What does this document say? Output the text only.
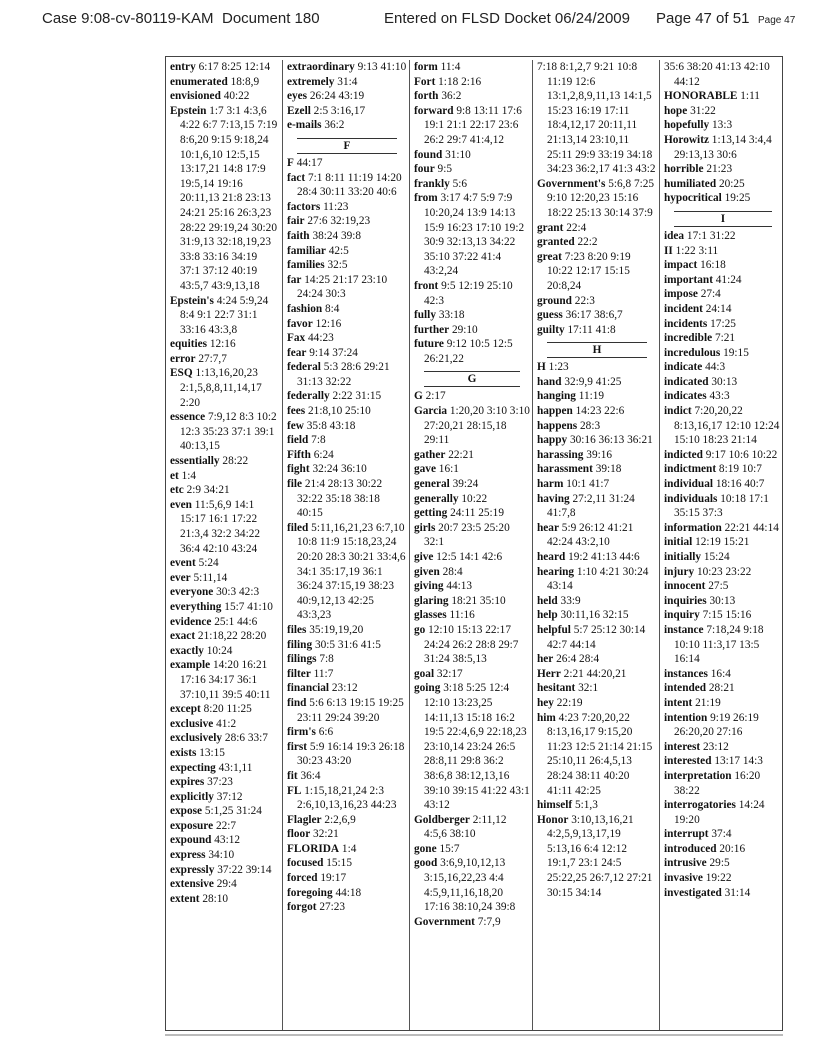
Case 9:08-cv-80119-KAM Document 180	Entered on FLSD Docket 06/24/2009 Page 47 of 51 Page 47
entry 6:17 8:25 12:14
enumerated 18:8,9
envisioned 40:22
Epstein 1:7 3:1 4:3,6 4:22 6:7 7:13,15 7:19 8:6,20 9:15 9:18,24 10:1,6,10 12:5,15 13:17,21 14:8 17:9 19:5,14 19:16 20:11,13 21:8 23:13 24:21 25:16 26:3,23 28:22 29:19,24 30:20 31:9,13 32:18,19,23 33:8 33:16 34:19 37:1 37:12 40:19 43:5,7 43:9,13,18
Epstein's 4:24 5:9,24 8:4 9:1 22:7 31:1 33:16 43:3,8
equities 12:16
error 27:7,7
ESQ 1:13,16,20,23 2:1,5,8,8,11,14,17 2:20
essence 7:9,12 8:3 10:2 12:3 35:23 37:1 39:1 40:13,15
essentially 28:22
et 1:4
etc 2:9 34:21
even 11:5,6,9 14:1 15:17 16:1 17:22 21:3,4 32:2 34:22 36:4 42:10 43:24
event 5:24
ever 5:11,14
everyone 30:3 42:3
everything 15:7 41:10
evidence 25:1 44:6
exact 21:18,22 28:20
exactly 10:24
example 14:20 16:21 17:16 34:17 36:1 37:10,11 39:5 40:11
except 8:20 11:25
exclusive 41:2
exclusively 28:6 33:7
exists 13:15
expecting 43:1,11
expires 37:23
explicitly 37:12
expose 5:1,25 31:24
exposure 22:7
expound 43:12
express 34:10
expressly 37:22 39:14
extensive 29:4
extent 28:10
extraordinary 9:13 41:10
extremely 31:4
eyes 26:24 43:19
Ezell 2:5 3:16,17
e-mails 36:2
F
F 44:17
fact 7:1 8:11 11:19 14:20 28:4 30:11 33:20 40:6
factors 11:23
fair 27:6 32:19,23
faith 38:24 39:8
familiar 42:5
families 32:5
far 14:25 21:17 23:10 24:24 30:3
fashion 8:4
favor 12:16
Fax 44:23
fear 9:14 37:24
federal 5:3 28:6 29:21 31:13 32:22
federally 2:22 31:15
fees 21:8,10 25:10
few 35:8 43:18
field 7:8
Fifth 6:24
fight 32:24 36:10
file 21:4 28:13 30:22 32:22 35:18 38:18 40:15
filed 5:11,16,21,23 6:7,10 10:8 11:9 15:18,23,24 20:20 28:3 30:21 33:4,6 34:1 35:17,19 36:1 36:24 37:15,19 38:23 40:9,12,13 42:25 43:3,23
files 35:19,19,20
filing 30:5 31:6 41:5
filings 7:8
filter 11:7
financial 23:12
find 5:6 6:13 19:15 19:25 23:11 29:24 39:20
firm's 6:6
first 5:9 16:14 19:3 26:18 30:23 43:20
fit 36:4
FL 1:15,18,21,24 2:3 2:6,10,13,16,23 44:23
Flagler 2:2,6,9
floor 32:21
FLORIDA 1:4
focused 15:15
forced 19:17
foregoing 44:18
forgot 27:23
form 11:4
Fort 1:18 2:16
forth 36:2
forward 9:8 13:11 17:6 19:1 21:1 22:17 23:6 26:2 29:7 41:4,12
found 31:10
four 9:5
frankly 5:6
from 3:17 4:7 5:9 7:9 10:20,24 13:9 14:13 15:9 16:23 17:10 19:2 30:9 32:13,13 34:22 35:10 37:22 41:4 43:2,24
front 9:5 12:19 25:10 42:3
fully 33:18
further 29:10
future 9:12 10:5 12:5 26:21,22
G
G 2:17
Garcia 1:20,20 3:10 3:10 27:20,21 28:15,18 29:11
gather 22:21
gave 16:1
general 39:24
generally 10:22
getting 24:11 25:19
girls 20:7 23:5 25:20 32:1
give 12:5 14:1 42:6
given 28:4
giving 44:13
glaring 18:21 35:10
glasses 11:16
go 12:10 15:13 22:17 24:24 26:2 28:8 29:7 31:24 38:5,13
goal 32:17
going 3:18 5:25 12:4 12:10 13:23,25 14:11,13 15:18 16:2 19:5 22:4,6,9 22:18,23 23:10,14 23:24 26:5 28:8,11 29:8 36:2 38:6,8 38:12,13,16 39:10 39:15 41:22 43:1 43:12
Goldberger 2:11,12 4:5,6 38:10
gone 15:7
good 3:6,9,10,12,13 3:15,16,22,23 4:4 4:5,9,11,16,18,20 17:16 38:10,24 39:8
Government 7:7,9
7:18 8:1,2,7 9:21 10:8 11:19 12:6 13:1,2,8,9,11,13 14:1,5 15:23 16:19 17:11 18:4,12,17 20:11,11 21:13,14 23:10,11 25:11 29:9 33:19 34:18 34:23 36:2,17 41:3 43:2
Government's 5:6,8 7:25 9:10 12:20,23 15:16 18:22 25:13 30:14 37:9
grant 22:4
granted 22:2
great 7:23 8:20 9:19 10:22 12:17 15:15 20:8,24
ground 22:3
guess 36:17 38:6,7
guilty 17:11 41:8
H
H 1:23
hand 32:9,9 41:25
hanging 11:19
happen 14:23 22:6
happens 28:3
happy 30:16 36:13 36:21
harassing 39:16
harassment 39:18
harm 10:1 41:7
having 27:2,11 31:24 41:7,8
hear 5:9 26:12 41:21 42:24 43:2,10
heard 19:2 41:13 44:6
hearing 1:10 4:21 30:24 43:14
held 33:9
help 30:11,16 32:15
helpful 5:7 25:12 30:14 42:7 44:14
her 26:4 28:4
Herr 2:21 44:20,21
hesitant 32:1
hey 22:19
him 4:23 7:20,20,22 8:13,16,17 9:15,20 11:23 12:5 21:14 21:15 25:10,11 26:4,5,13 28:24 38:11 40:20 41:11 42:25
himself 5:1,3
Honor 3:10,13,16,21 4:2,5,9,13,17,19 5:13,16 6:4 12:12 19:1,7 23:1 24:5 25:22,25 26:7,12 27:21 30:15 34:14
35:6 38:20 41:13 42:10 44:12
HONORABLE 1:11
hope 31:22
hopefully 13:3
Horowitz 1:13,14 3:4,4 29:13,13 30:6
horrible 21:23
humiliated 20:25
hypocritical 19:25
I
idea 17:1 31:22
II 1:22 3:11
impact 16:18
important 41:24
impose 27:4
incident 24:14
incidents 17:25
incredible 7:21
incredulous 19:15
indicate 44:3
indicated 30:13
indicates 43:3
indict 7:20,20,22 8:13,16,17 12:10 12:24 15:10 18:23 21:14
indicted 9:17 10:6 10:22
indictment 8:19 10:7
individual 18:16 40:7
individuals 10:18 17:1 35:15 37:3
information 22:21 44:14
initial 12:19 15:21
initially 15:24
injury 10:23 23:22
innocent 27:5
inquiries 30:13
inquiry 7:15 15:16
instance 7:18,24 9:18 10:10 11:3,17 13:5 16:14
instances 16:4
intended 28:21
intent 21:19
intention 9:19 26:19 26:20,20 27:16
interest 23:12
interested 13:17 14:3
interpretation 16:20 38:22
interrogatories 14:24 19:20
interrupt 37:4
introduced 20:16
intrusive 29:5
invasive 19:22
investigated 31:14
